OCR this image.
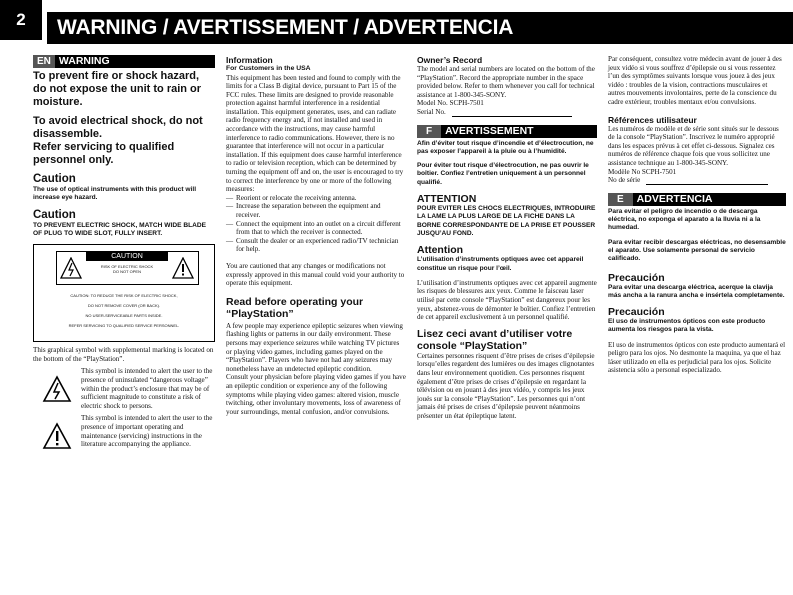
2	WARNING / AVERTISSEMENT / ADVERTENCIA
EN WARNING
To prevent fire or shock hazard, do not expose the unit to rain or moisture.
To avoid electrical shock, do not disassemble.
Refer servicing to qualified personnel only.
Caution
The use of optical instruments with this product will increase eye hazard.
Caution
TO PREVENT ELECTRIC SHOCK, MATCH WIDE BLADE OF PLUG TO WIDE SLOT, FULLY INSERT.
CAUTION
RISK OF ELECTRIC SHOCK
DO NOT OPEN
CAUTION: TO REDUCE THE RISK OF ELECTRIC SHOCK,
DO NOT REMOVE COVER (OR BACK).
NO USER-SERVICEABLE PARTS INSIDE.
REFER SERVICING TO QUALIFIED SERVICE PERSONNEL.
This graphical symbol with supplemental marking is located on the bottom of the “PlayStation”.
This symbol is intended to alert the user to the presence of uninsulated “dangerous voltage” within the product’s enclosure that may be of sufficient magnitude to constitute a risk of electric shock to persons.
This symbol is intended to alert the user to the presence of important operating and maintenance (servicing) instructions in the literature accompanying the appliance.
Information
For Customers in the USA
This equipment has been tested and found to comply with the limits for a Class B digital device, pursuant to Part 15 of the FCC rules. These limits are designed to provide reasonable protection against harmful interference in a residential installation. This equipment generates, uses, and can radiate radio frequency energy and, if not installed and used in accordance with the instructions, may cause harmful interference to radio communications. However, there is no guarantee that interference will not occur in a particular installation. If this equipment does cause harmful interference to radio or television reception, which can be determined by turning the equipment off and on, the user is encouraged to try to correct the interference by one or more of the following measures:
— Reorient or relocate the receiving antenna.
— Increase the separation between the equipment and receiver.
— Connect the equipment into an outlet on a circuit different from that to which the receiver is connected.
— Consult the dealer or an experienced radio/TV technician for help.
You are cautioned that any changes or modifications not expressly approved in this manual could void your authority to operate this equipment.
Read before operating your “PlayStation”
A few people may experience epileptic seizures when viewing flashing lights or patterns in our daily environment. These persons may experience seizures while watching TV pictures or playing video games, including games played on the “PlayStation”. Players who have not had any seizures may nonetheless have an undetected epileptic condition.
Consult your physician before playing video games if you have an epileptic condition or experience any of the following symptoms while playing video games: altered vision, muscle twitching, other involuntary movements, loss of awareness of your surroundings, mental confusion, and/or convulsions.
Owner’s Record
The model and serial numbers are located on the bottom of the “PlayStation”. Record the appropriate number in the space provided below. Refer to them whenever you call for technical assistance at 1-800-345-SONY.
Model No. SCPH-7501
Serial No.
F	AVERTISSEMENT
Afin d’éviter tout risque d’incendie et d’électrocution, ne pas exposer l’appareil à la pluie ou à l’humidité.
Pour éviter tout risque d’électrocution, ne pas ouvrir le boîtier. Confiez l’entretien uniquement à un personnel qualifié.
ATTENTION
POUR EVITER LES CHOCS ELECTRIQUES, INTRODUIRE LA LAME LA PLUS LARGE DE LA FICHE DANS LA BORNE CORRESPONDANTE DE LA PRISE ET POUSSER JUSQU’AU FOND.
Attention
L’utilisation d’instruments optiques avec cet appareil constitue un risque pour l’œil.
L’utilisation d’instruments optiques avec cet appareil augmente les risques de blessures aux yeux. Comme le faisceau laser utilisé par cette console “PlayStation” est dangereux pour les yeux, abstenez-vous de démonter le boîtier. Confiez l’entretien de cet appareil exclusivement à un personnel qualifié.
Lisez ceci avant d’utiliser votre console “PlayStation”
Certaines personnes risquent d’être prises de crises d’épilepsie lorsqu’elles regardent des lumières ou des images clignotantes dans leur environnement quotidien. Ces personnes risquent également d’être prises de crises d’épilepsie en regardant la télévision ou en jouant à des jeux vidéo, y compris les jeux joués sur la console “PlayStation”. Les personnes qui n’ont jamais été prises de crises d’épilepsie peuvent néanmoins présenter un état épileptique latent.
Par conséquent, consultez votre médecin avant de jouer à des jeux vidéo si vous souffrez d’épilepsie ou si vous ressentez l’un des symptômes suivants lorsque vous jouez à des jeux vidéo : troubles de la vision, contractions musculaires et autres mouvements involontaires, perte de la conscience du cadre extérieur, troubles mentaux et/ou convulsions.
Références utilisateur
Les numéros de modèle et de série sont situés sur le dessous de la console “PlayStation”. Inscrivez le numéro approprié dans les espaces prévus à cet effet ci-dessous. Signalez ces numéros de référence chaque fois que vous sollicitez une assistance technique au 1-800-345-SONY.
Modèle No SCPH-7501
No de série
E	ADVERTENCIA
Para evitar el peligro de incendio o de descarga eléctrica, no exponga el aparato a la lluvia ni a la humedad.
Para evitar recibir descargas eléctricas, no desensamble el aparato. Use solamente personal de servicio calificado.
Precaución
Para evitar una descarga eléctrica, acerque la clavija más ancha a la ranura ancha e insértela completamente.
Precaución
El uso de instrumentos ópticos con este producto aumenta los riesgos para la vista.
El uso de instrumentos ópticos con este producto aumentará el peligro para los ojos. No desmonte la maquina, ya que el haz láser utilizado en ella es perjudicial para los ojos. Solicite asistencia sólo a personal especializado.
